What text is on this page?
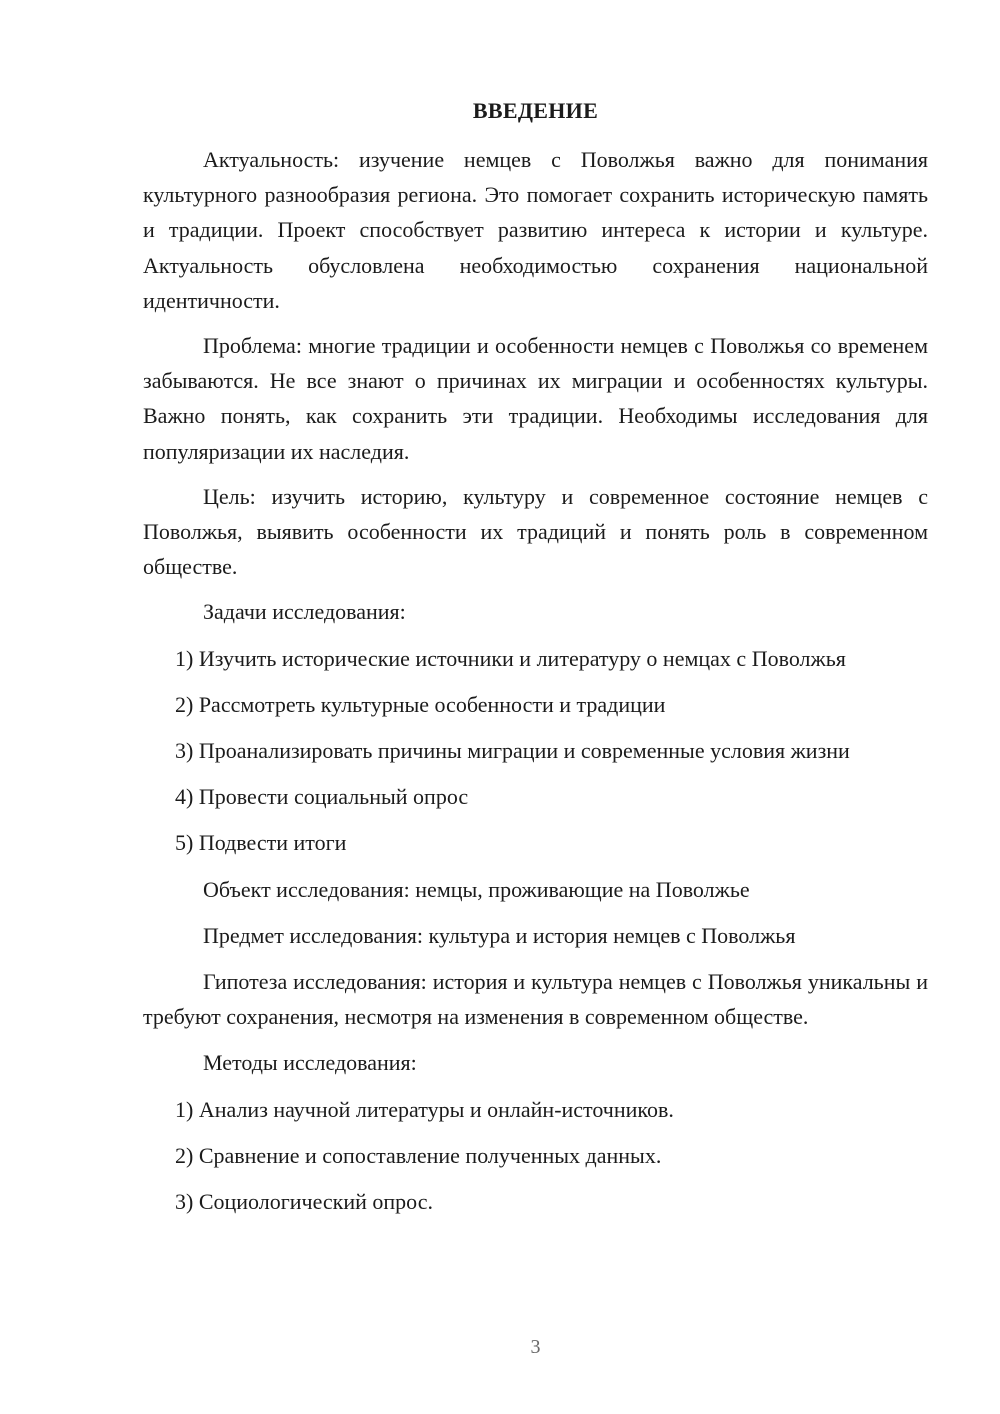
ВВЕДЕНИЕ

Актуальность: изучение немцев с Поволжья важно для понимания культурного разнообразия региона. Это помогает сохранить историческую память и традиции. Проект способствует развитию интереса к истории и культуре. Актуальность обусловлена необходимостью сохранения национальной идентичности.

Проблема: многие традиции и особенности немцев с Поволжья со временем забываются. Не все знают о причинах их миграции и особенностях культуры. Важно понять, как сохранить эти традиции. Необходимы исследования для популяризации их наследия.

Цель: изучить историю, культуру и современное состояние немцев с Поволжья, выявить особенности их традиций и понять роль в современном обществе.

Задачи исследования:

1) Изучить исторические источники и литературу о немцах с Поволжья

2) Рассмотреть культурные особенности и традиции

3) Проанализировать причины миграции и современные условия жизни

4) Провести социальный опрос

5) Подвести итоги

Объект исследования: немцы, проживающие на Поволжье

Предмет исследования: культура и история немцев с Поволжья

Гипотеза исследования: история и культура немцев с Поволжья уникальны и требуют сохранения, несмотря на изменения в современном обществе.

Методы исследования:

1) Анализ научной литературы и онлайн-источников.

2) Сравнение и сопоставление полученных данных.

3) Социологический опрос.

3
